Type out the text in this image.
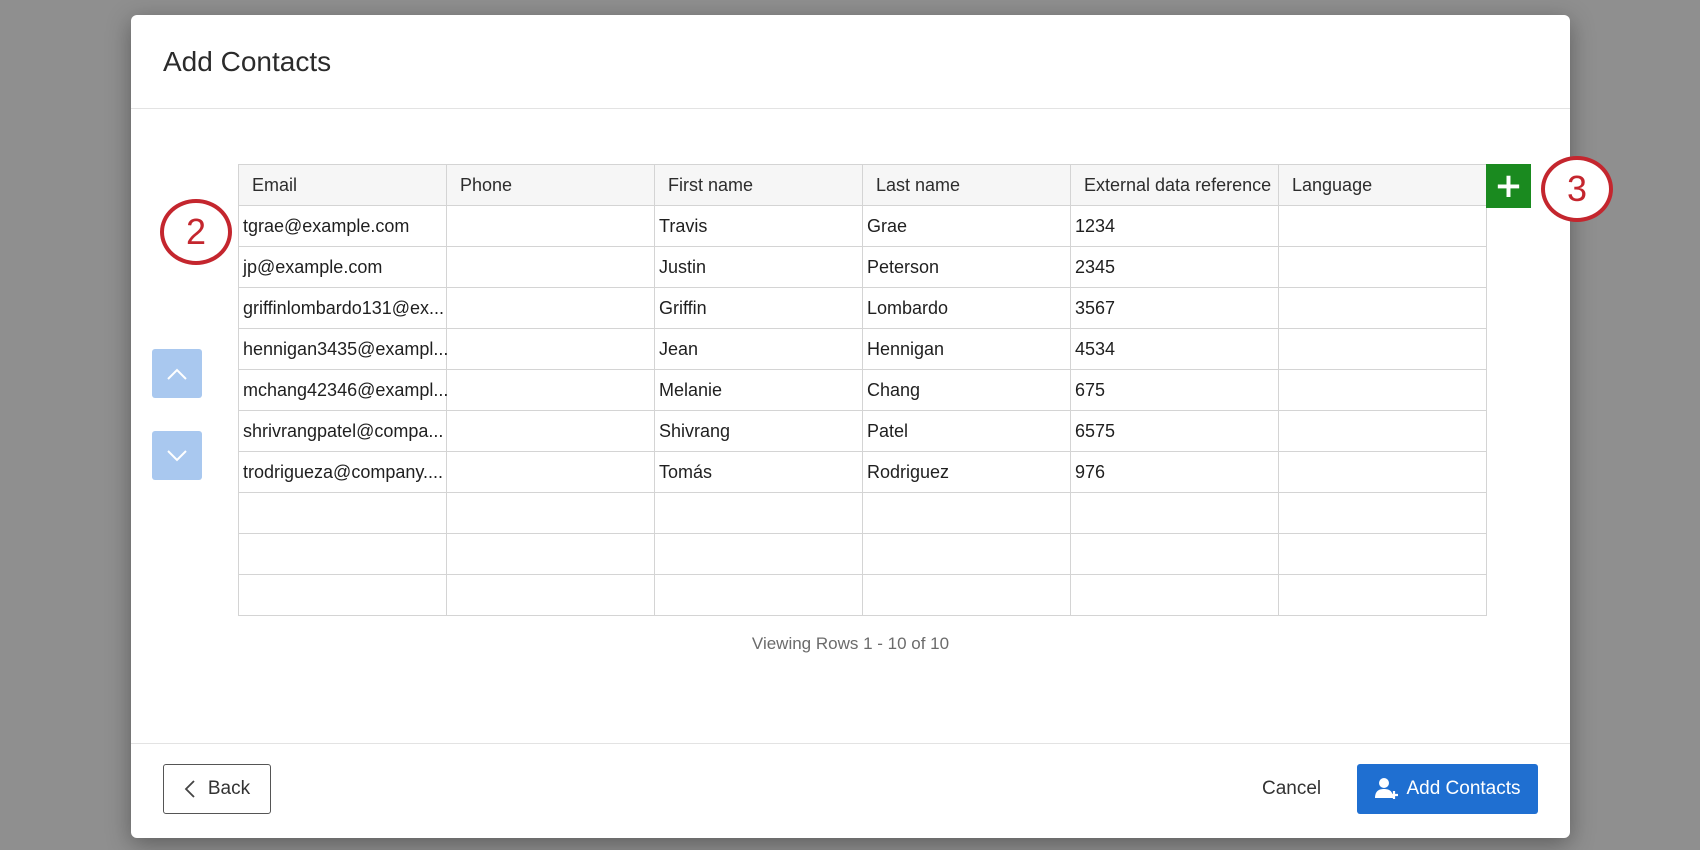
Add Contacts
Email	Phone	First name	Last name	External data reference	Language
tgrae@example.com		Travis	Grae	1234	
jp@example.com		Justin	Peterson	2345	
griffinlombardo131@ex...		Griffin	Lombardo	3567	
hennigan3435@exampl...		Jean	Hennigan	4534	
mchang42346@exampl...		Melanie	Chang	675	
shrivrangpatel@compa...		Shivrang	Patel	6575	
trodrigueza@company....		Tomás	Rodriguez	976	

+
2
3
Viewing Rows 1 - 10 of 10
Back	Cancel	Add Contacts
